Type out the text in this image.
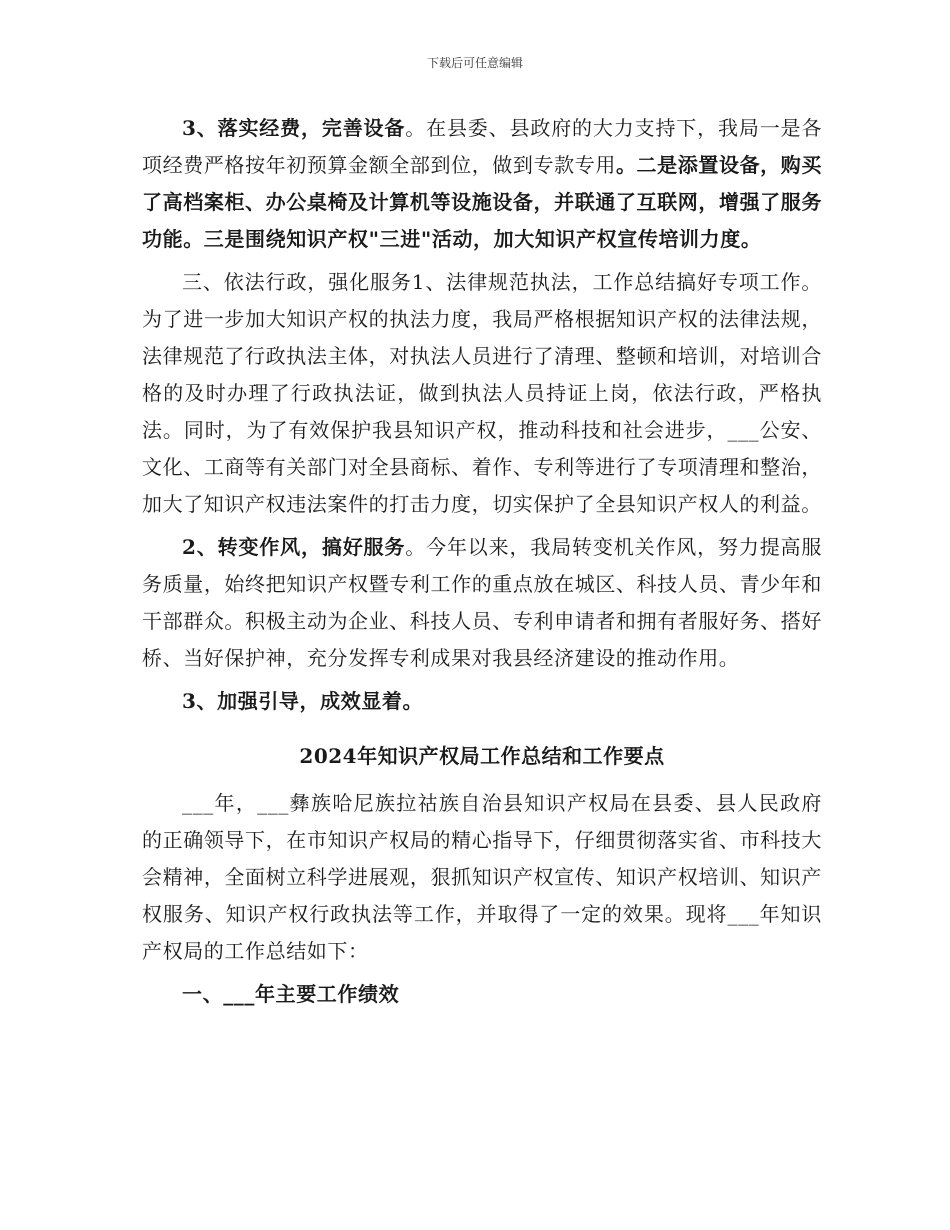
下载后可任意编辑

3、落实经费，完善设备。在县委、县政府的大力支持下，我局一是各项经费严格按年初预算金额全部到位，做到专款专用。二是添置设备，购买了高档案柜、办公桌椅及计算机等设施设备，并联通了互联网，增强了服务功能。三是围绕知识产权"三进"活动，加大知识产权宣传培训力度。

三、依法行政，强化服务1、法律规范执法，工作总结搞好专项工作。为了进一步加大知识产权的执法力度，我局严格根据知识产权的法律法规，法律规范了行政执法主体，对执法人员进行了清理、整顿和培训，对培训合格的及时办理了行政执法证，做到执法人员持证上岗，依法行政，严格执法。同时，为了有效保护我县知识产权，推动科技和社会进步，___公安、文化、工商等有关部门对全县商标、着作、专利等进行了专项清理和整治，加大了知识产权违法案件的打击力度，切实保护了全县知识产权人的利益。

2、转变作风，搞好服务。今年以来，我局转变机关作风，努力提高服务质量，始终把知识产权暨专利工作的重点放在城区、科技人员、青少年和干部群众。积极主动为企业、科技人员、专利申请者和拥有者服好务、搭好桥、当好保护神，充分发挥专利成果对我县经济建设的推动作用。

3、加强引导，成效显着。

2024年知识产权局工作总结和工作要点

___年，___彝族哈尼族拉祜族自治县知识产权局在县委、县人民政府的正确领导下，在市知识产权局的精心指导下，仔细贯彻落实省、市科技大会精神，全面树立科学进展观，狠抓知识产权宣传、知识产权培训、知识产权服务、知识产权行政执法等工作，并取得了一定的效果。现将___年知识产权局的工作总结如下：

一、___年主要工作绩效
